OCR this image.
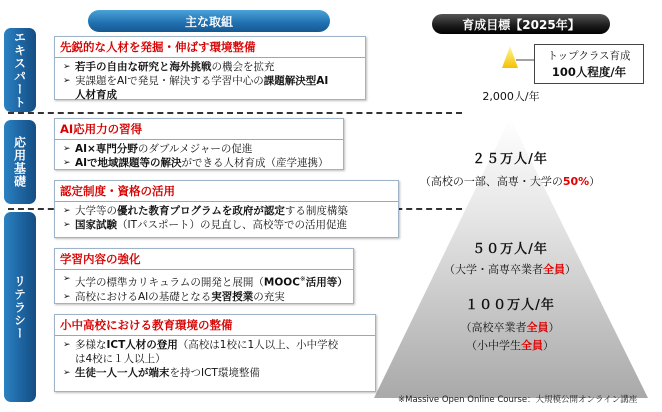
主な取組	育成目標【2025年】
エキスパート
応用基礎
リテラシー
トップクラス育成
100人程度/年
2,000人/年
２５万人/年
（高校の一部、高専・大学の50%）
５０万人/年
（大学・高専卒業者全員）
１００万人/年
（高校卒業者全員）
（小中学生全員）
先鋭的な人材を発掘・伸ばす環境整備
➢ 若手の自由な研究と海外挑戦の機会を拡充
➢ 実課題をAIで発見・解決する学習中心の課題解決型AI
人材育成
AI応用力の習得
➢ AI×専門分野のダブルメジャーの促進
➢ AIで地域課題等の解決ができる人材育成（産学連携）
認定制度・資格の活用
➢ 大学等の優れた教育プログラムを政府が認定する制度構築
➢ 国家試験（ITパスポート）の見直し、高校等での活用促進
学習内容の強化
➢ 大学の標準カリキュラムの開発と展開（MOOC※活用等）
➢ 高校におけるAIの基礎となる実習授業の充実
小中高校における教育環境の整備
➢ 多様なICT人材の登用（高校は1校に1人以上、小中学校
は4校に１人以上）
➢ 生徒一人一人が端末を持つICT環境整備
※Massive Open Online Course：大規模公開オンライン講座
